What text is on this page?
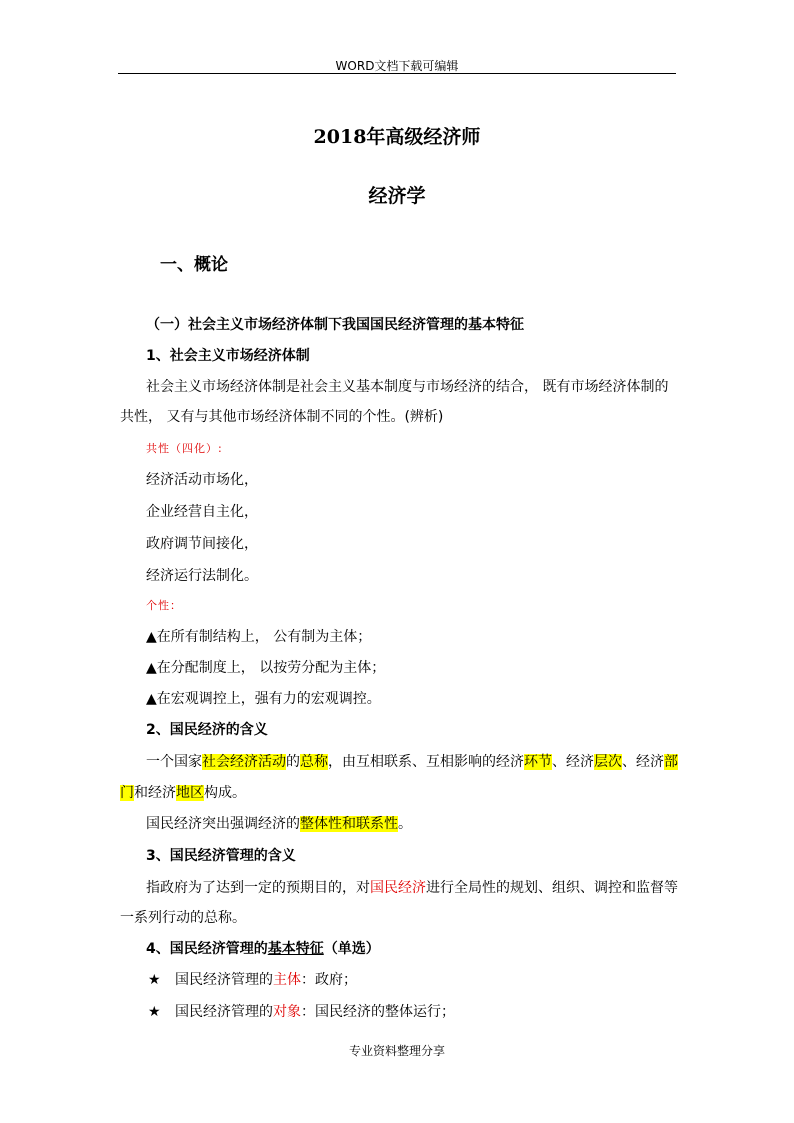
WORD文档下载可编辑
2018年高级经济师
经济学
一、概论
（一）社会主义市场经济体制下我国国民经济管理的基本特征
1、社会主义市场经济体制
社会主义市场经济体制是社会主义基本制度与市场经济的结合， 既有市场经济体制的
共性， 又有与其他市场经济体制不同的个性。(辨析)
共性（四化）:
经济活动市场化，
企业经营自主化，
政府调节间接化，
经济运行法制化。
个性：
▲在所有制结构上， 公有制为主体；
▲在分配制度上， 以按劳分配为主体；
▲在宏观调控上，强有力的宏观调控。
2、国民经济的含义
一个国家社会经济活动的总称，由互相联系、互相影响的经济环节、经济层次、经济部
门和经济地区构成。
国民经济突出强调经济的整体性和联系性。
3、国民经济管理的含义
指政府为了达到一定的预期目的，对国民经济进行全局性的规划、组织、调控和监督等
一系列行动的总称。
4、国民经济管理的基本特征（单选）
★ 国民经济管理的主体：政府；
★ 国民经济管理的对象：国民经济的整体运行；
专业资料整理分享
